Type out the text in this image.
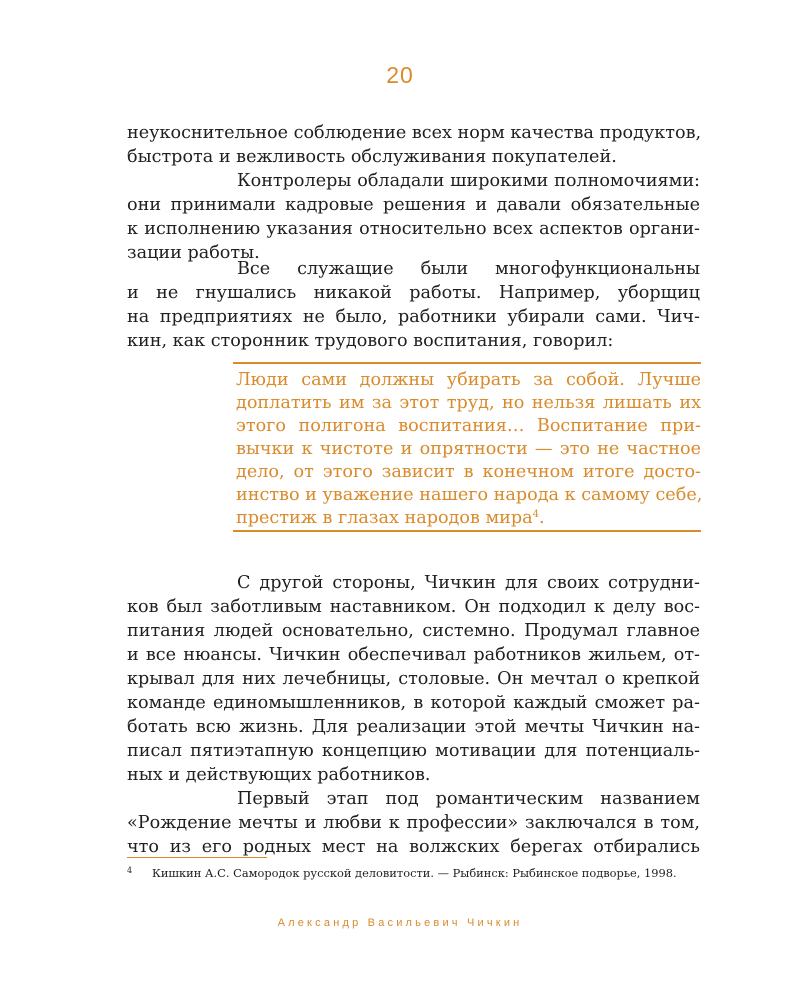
20
неукоснительное соблюдение всех норм качества продуктов,
быстрота и вежливость обслуживания покупателей.
Контролеры обладали широкими полномочиями:
они принимали кадровые решения и давали обязательные
к исполнению указания относительно всех аспектов органи-
зации работы.
Все служащие были многофункциональны
и не гнушались никакой работы. Например, уборщиц
на предприятиях не было, работники убирали сами. Чич-
кин, как сторонник трудового воспитания, говорил:
Люди сами должны убирать за собой. Лучше
доплатить им за этот труд, но нельзя лишать их
этого полигона воспитания… Воспитание при-
вычки к чистоте и опрятности — это не частное
дело, от этого зависит в конечном итоге досто-
инство и уважение нашего народа к самому себе,
престиж в глазах народов мира$^4$.
С другой стороны, Чичкин для своих сотрудни-
ков был заботливым наставником. Он подходил к делу вос-
питания людей основательно, системно. Продумал главное
и все нюансы. Чичкин обеспечивал работников жильем, от-
крывал для них лечебницы, столовые. Он мечтал о крепкой
команде единомышленников, в которой каждый сможет ра-
ботать всю жизнь. Для реализации этой мечты Чичкин на-
писал пятиэтапную концепцию мотивации для потенциаль-
ных и действующих работников.
Первый этап под романтическим названием
«Рождение мечты и любви к профессии» заключался в том,
что из его родных мест на волжских берегах отбирались
4 Кишкин А.С. Самородок русской деловитости. — Рыбинск: Рыбинское подворье, 1998.
Александр Васильевич Чичкин
